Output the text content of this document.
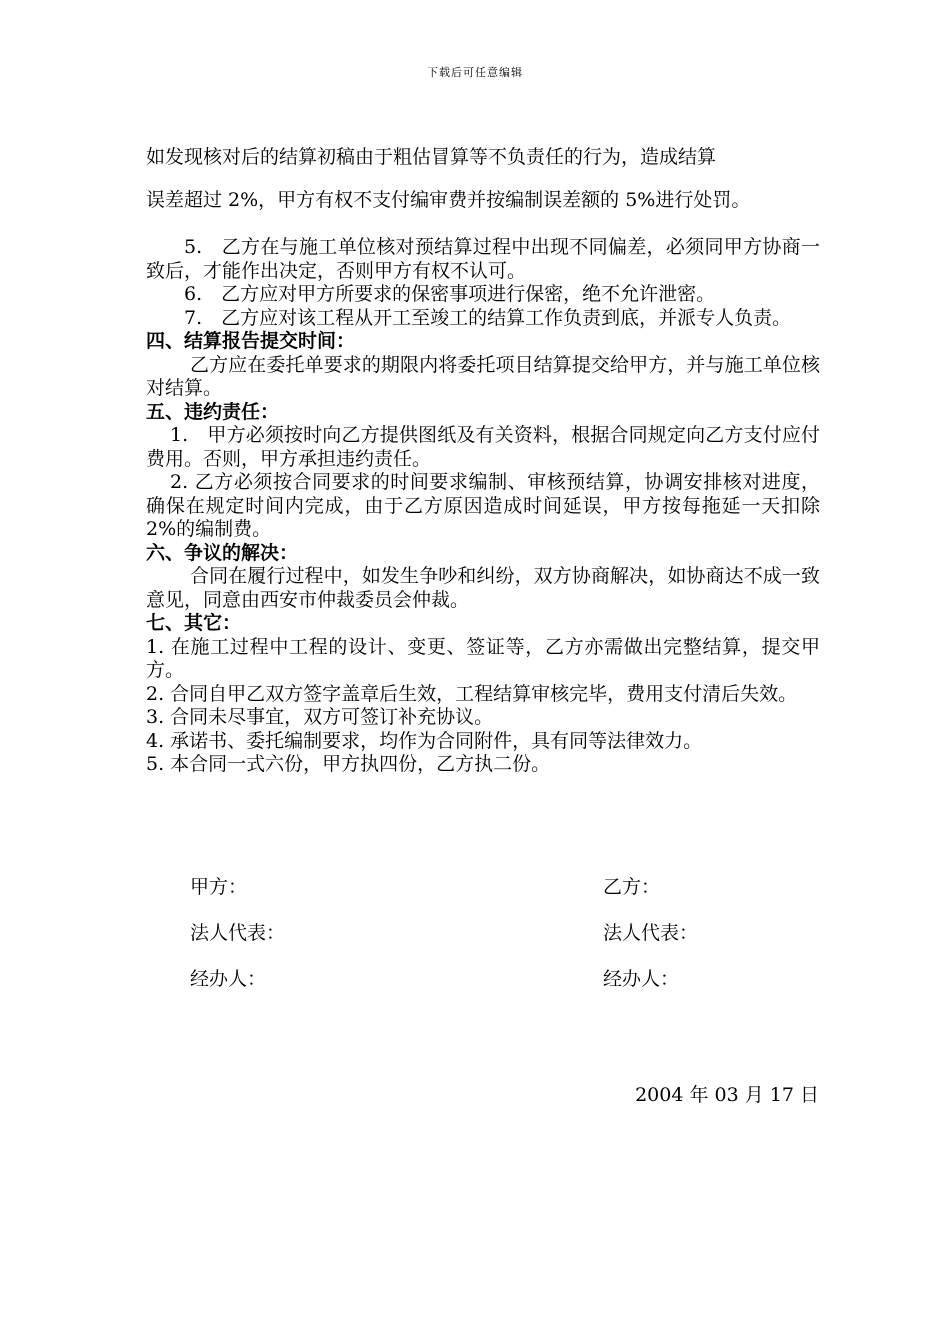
下载后可任意编辑

如发现核对后的结算初稿由于粗估冒算等不负责任的行为，造成结算

误差超过 2%，甲方有权不支付编审费并按编制误差额的 5%进行处罚。

5.　乙方在与施工单位核对预结算过程中出现不同偏差，必须同甲方协商一致后，才能作出决定，否则甲方有权不认可。

6.　乙方应对甲方所要求的保密事项进行保密，绝不允许泄密。

7.　乙方应对该工程从开工至竣工的结算工作负责到底，并派专人负责。

四、结算报告提交时间：

乙方应在委托单要求的期限内将委托项目结算提交给甲方，并与施工单位核对结算。

五、违约责任：

1.　甲方必须按时向乙方提供图纸及有关资料，根据合同规定向乙方支付应付费用。否则，甲方承担违约责任。

2. 乙方必须按合同要求的时间要求编制、审核预结算，协调安排核对进度，确保在规定时间内完成，由于乙方原因造成时间延误，甲方按每拖延一天扣除 2%的编制费。

六、争议的解决：

合同在履行过程中，如发生争吵和纠纷，双方协商解决，如协商达不成一致意见，同意由西安市仲裁委员会仲裁。

七、其它：

1. 在施工过程中工程的设计、变更、签证等，乙方亦需做出完整结算，提交甲方。

2. 合同自甲乙双方签字盖章后生效，工程结算审核完毕，费用支付清后失效。

3. 合同未尽事宜，双方可签订补充协议。

4. 承诺书、委托编制要求，均作为合同附件，具有同等法律效力。

5. 本合同一式六份，甲方执四份，乙方执二份。

甲方：
法人代表：
经办人：
乙方：
法人代表：
经办人：
2004 年 03 月 17 日
